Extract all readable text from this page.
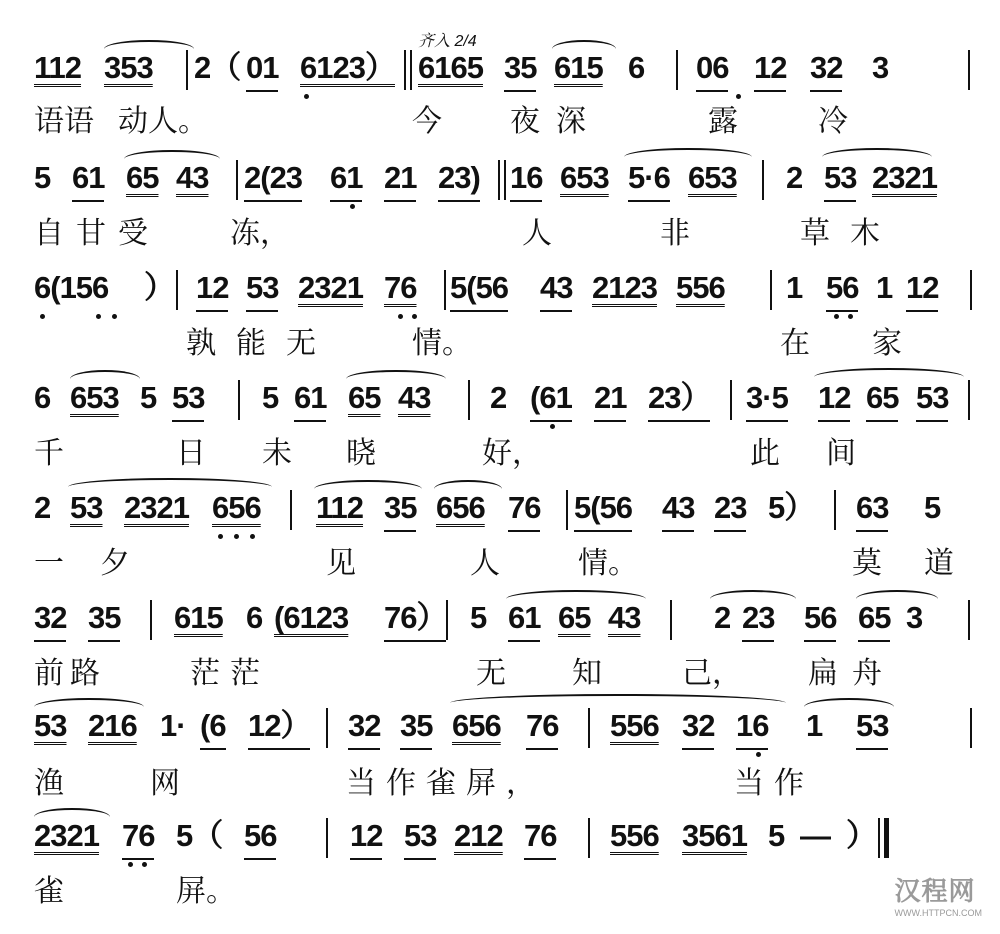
齐入 2/4
112 353 2（ 01 6123） 6165 35 615 6 06 12 32 3
语语 动人。	今 夜深	露	冷
5 61 65 43 2(23 61 21 23) 16 653 5·6 653 2 53 2321
自甘受 冻，	人	非	草木
6(156 ） 12 53 2321 76 5(56 43 2123 556 1 56 1 12
孰能无	情。	在 家
6 653 5 53 5 61 65 43 2 (61 21 23） 3·5 12 65 53
千	日 未 晓	好，	此 间
2 53 2321 656 112 35 656 76 5(56 43 23 5） 63 5
一 夕	见	人	情。	莫 道
32 35 615 6 (6123 76） 5 61 65 43 2 23 56 65 3
前路	茫茫	无 知	己， 扁舟
53 216 1· (6 12） 32 35 656 76 556 32 16 1 53
渔	网	当作雀屏，	当作
2321 76 5（ 56 12 53 212 76 556 3561 5 — ）
雀	屏。	汉程网
WWW.HTTPCN.COM
